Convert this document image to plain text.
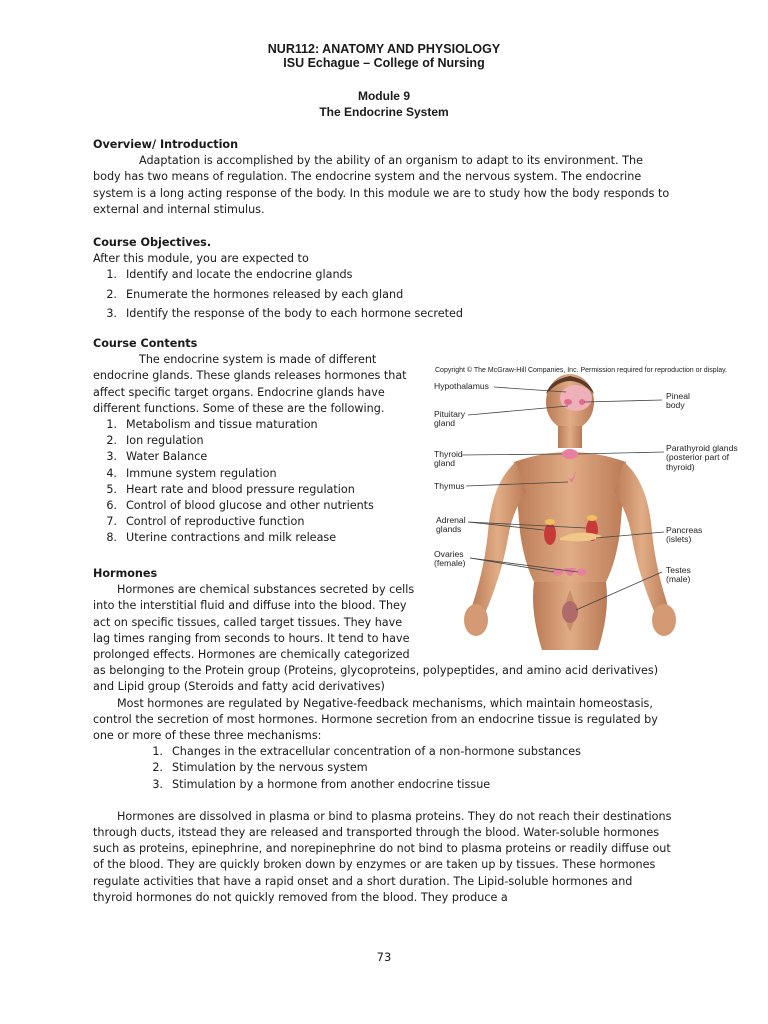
NUR112: ANATOMY AND PHYSIOLOGY
ISU Echague – College of Nursing
Module 9
The Endocrine System
Overview/ Introduction

Adaptation is accomplished by the ability of an organism to adapt to its environment. The body has two means of regulation. The endocrine system and the nervous system. The endocrine system is a long acting response of the body. In this module we are to study how the body responds to external and internal stimulus.

Course Objectives.

After this module, you are expected to

1. Identify and locate the endocrine glands
2. Enumerate the hormones released by each gland
3. Identify the response of the body to each hormone secreted
Course Contents

The endocrine system is made of different endocrine glands. These glands releases hormones that affect specific target organs. Endocrine glands have different functions. Some of these are the following.

1. Metabolism and tissue maturation
2. Ion regulation
3. Water Balance
4. Immune system regulation
5. Heart rate and blood pressure regulation
6. Control of blood glucose and other nutrients
7. Control of reproductive function
8. Uterine contractions and milk release
Hormones

Hormones are chemical substances secreted by cells into the interstitial fluid and diffuse into the blood. They act on specific tissues, called target tissues. They have lag times ranging from seconds to hours. It tend to have prolonged effects. Hormones are chemically categorized

as belonging to the Protein group (Proteins, glycoproteins, polypeptides, and amino acid derivatives) and Lipid group (Steroids and fatty acid derivatives)

Most hormones are regulated by Negative-feedback mechanisms, which maintain homeostasis, control the secretion of most hormones. Hormone secretion from an endocrine tissue is regulated by one or more of these three mechanisms:

1. Changes in the extracellular concentration of a non-hormone substances
2. Stimulation by the nervous system
3. Stimulation by a hormone from another endocrine tissue

Hormones are dissolved in plasma or bind to plasma proteins. They do not reach their destinations through ducts, itstead they are released and transported through the blood. Water-soluble hormones such as proteins, epinephrine, and norepinephrine do not bind to plasma proteins or readily diffuse out of the blood. They are quickly broken down by enzymes or are taken up by tissues. These hormones regulate activities that have a rapid onset and a short duration. The Lipid-soluble hormones and thyroid hormones do not quickly removed from the blood. They produce a

Copyright © The McGraw-Hill Companies, Inc. Permission required for reproduction or display.
Hypothalamus
Pituitary gland
Thyroid gland
Thymus
Adrenal glands
Ovaries (female)
Pineal body
Parathyroid glands (posterior part of thyroid)
Pancreas (islets)
Testes (male)
73
